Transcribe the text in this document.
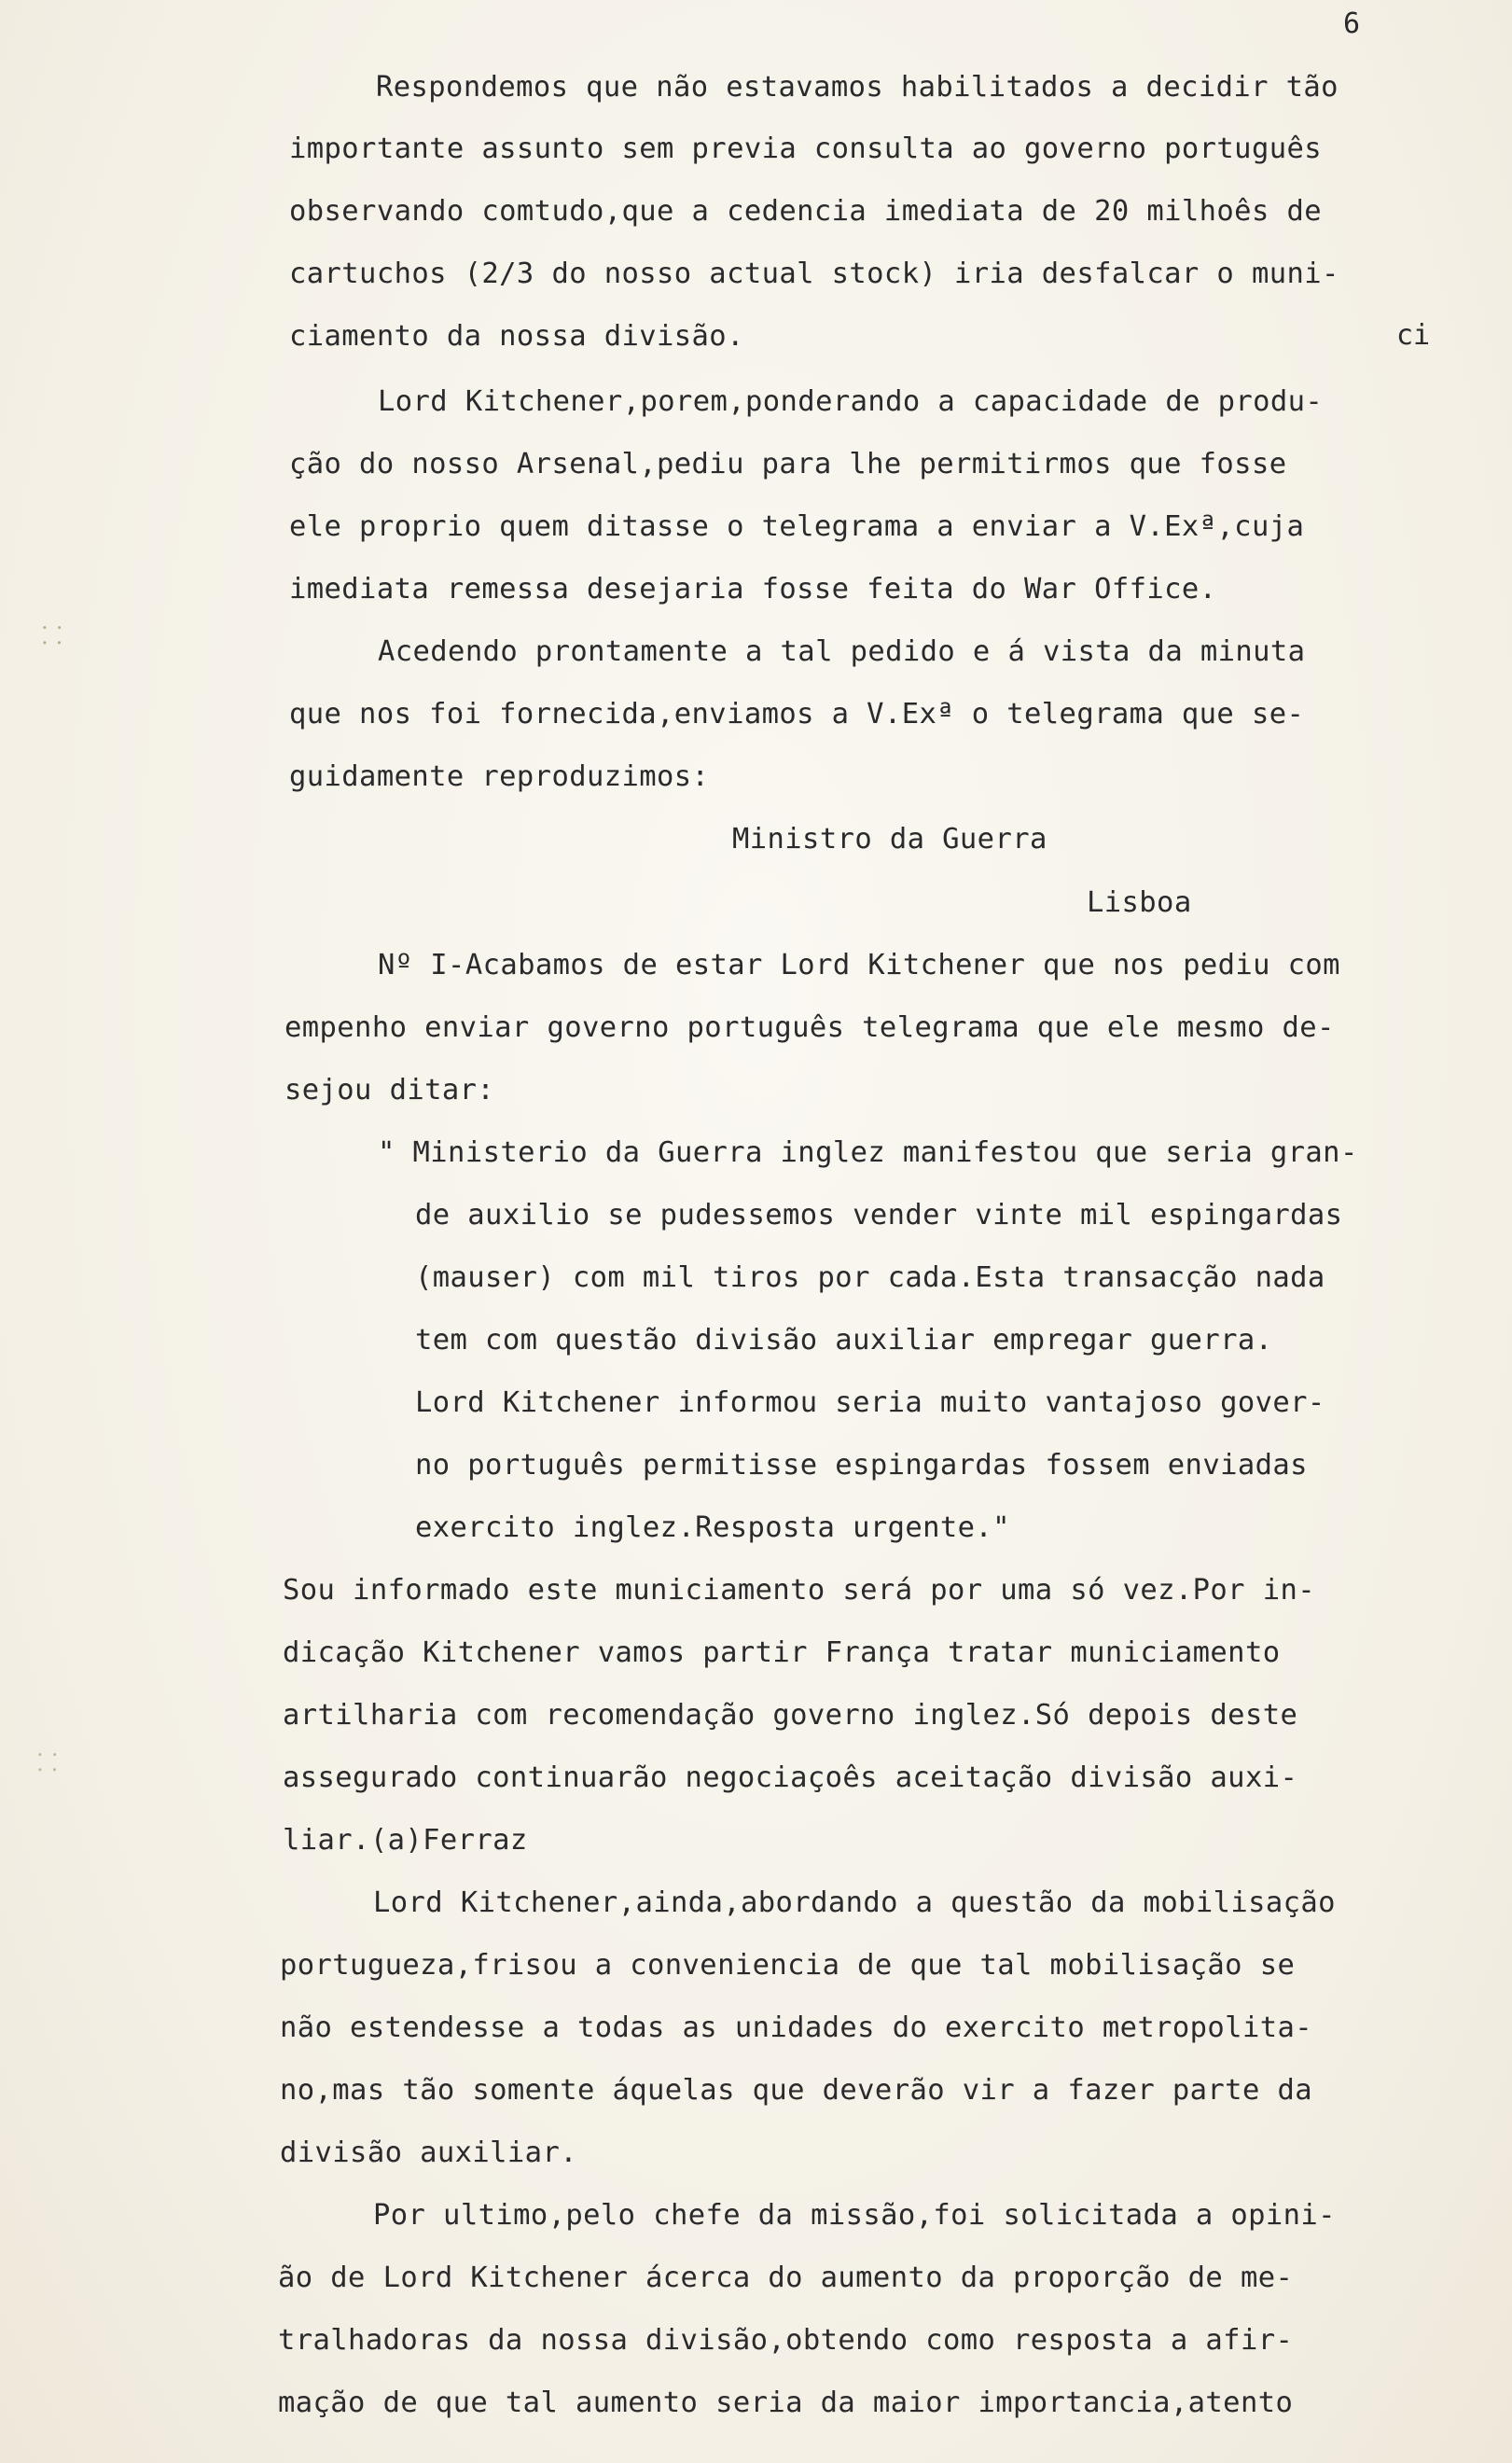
6
ci
⸬
⸬
Respondemos que não estavamos habilitados a decidir tão
importante assunto sem previa consulta ao governo português
observando comtudo,que a cedencia imediata de 20 milhoês de
cartuchos (2/3 do nosso actual stock) iria desfalcar o muni-
ciamento da nossa divisão.
Lord Kitchener,porem,ponderando a capacidade de produ-
ção do nosso Arsenal,pediu para lhe permitirmos que fosse
ele proprio quem ditasse o telegrama a enviar a V.Exª,cuja
imediata remessa desejaria fosse feita do War Office.
Acedendo prontamente a tal pedido e á vista da minuta
que nos foi fornecida,enviamos a V.Exª o telegrama que se-
guidamente reproduzimos:
Ministro da Guerra
Lisboa
Nº I-Acabamos de estar Lord Kitchener que nos pediu com
empenho enviar governo português telegrama que ele mesmo de-
sejou ditar:
" Ministerio da Guerra inglez manifestou que seria gran-
de auxilio se pudessemos vender vinte mil espingardas
(mauser) com mil tiros por cada.Esta transacção nada
tem com questão divisão auxiliar empregar guerra.
Lord Kitchener informou seria muito vantajoso gover-
no português permitisse espingardas fossem enviadas
exercito inglez.Resposta urgente."
Sou informado este municiamento será por uma só vez.Por in-
dicação Kitchener vamos partir França tratar municiamento
artilharia com recomendação governo inglez.Só depois deste
assegurado continuarão negociaçoês aceitação divisão auxi-
liar.(a)Ferraz
Lord Kitchener,ainda,abordando a questão da mobilisação
portugueza,frisou a conveniencia de que tal mobilisação se
não estendesse a todas as unidades do exercito metropolita-
no,mas tão somente áquelas que deverão vir a fazer parte da
divisão auxiliar.
Por ultimo,pelo chefe da missão,foi solicitada a opini-
ão de Lord Kitchener ácerca do aumento da proporção de me-
tralhadoras da nossa divisão,obtendo como resposta a afir-
mação de que tal aumento seria da maior importancia,atento
